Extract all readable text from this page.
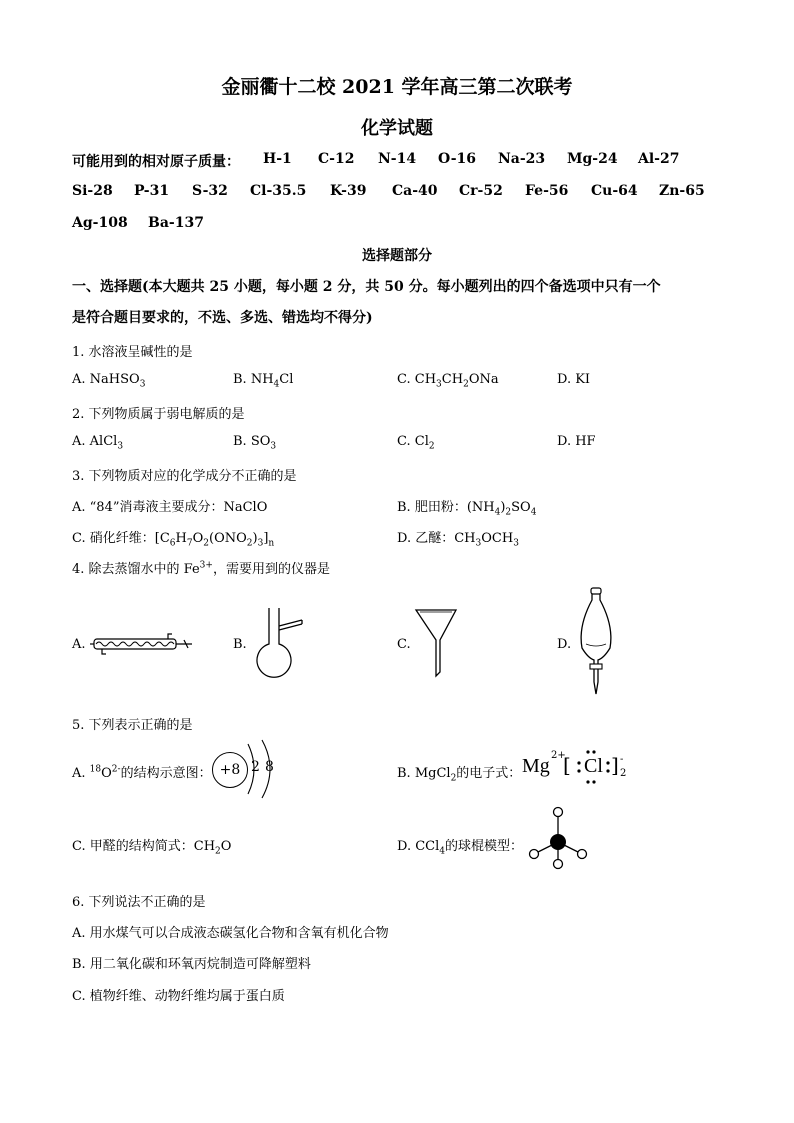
金丽衢十二校 2021 学年高三第二次联考
化学试题
可能用到的相对原子质量： H-1 C-12 N-14 O-16 Na-23 Mg-24 Al-27
Si-28 P-31 S-32 Cl-35.5 K-39 Ca-40 Cr-52 Fe-56 Cu-64 Zn-65
Ag-108 Ba-137
选择题部分
一、选择题(本大题共 25 小题，每小题 2 分，共 50 分。每小题列出的四个备选项中只有一个
是符合题目要求的，不选、多选、错选均不得分)
1. 水溶液呈碱性的是
A. NaHSO$_3$	B. $NH_4Cl$	C. $CH_3CH_2ONa$	D. KI
2. 下列物质属于弱电解质的是
A. AlCl$_3$	B. $SO_3$	C. $Cl_2$	D. HF
3. 下列物质对应的化学成分不正确的是
A. “84”消毒液主要成分：NaClO	B. 肥田粉：$(NH_4)_2SO_4$
C. 硝化纤维：$[C_6H_7O_2(ONO_2)_3]_n$	D. 乙醚：$CH_3OCH_3$
4. 除去蒸馏水中的 $Fe^{3+}$，需要用到的仪器是
A.	B.	C.	D.
5. 下列表示正确的是
A. $^{18}O^{2-}$的结构示意图： +8 2 8	B. MgCl$_2$的电子式： Mg 2+
[ Cl ] -
2
C. 甲醛的结构简式：$CH_2O$	D. CCl$_4$的球棍模型：
6. 下列说法不正确的是
A. 用水煤气可以合成液态碳氢化合物和含氧有机化合物
B. 用二氧化碳和环氧丙烷制造可降解塑料
C. 植物纤维、动物纤维均属于蛋白质
